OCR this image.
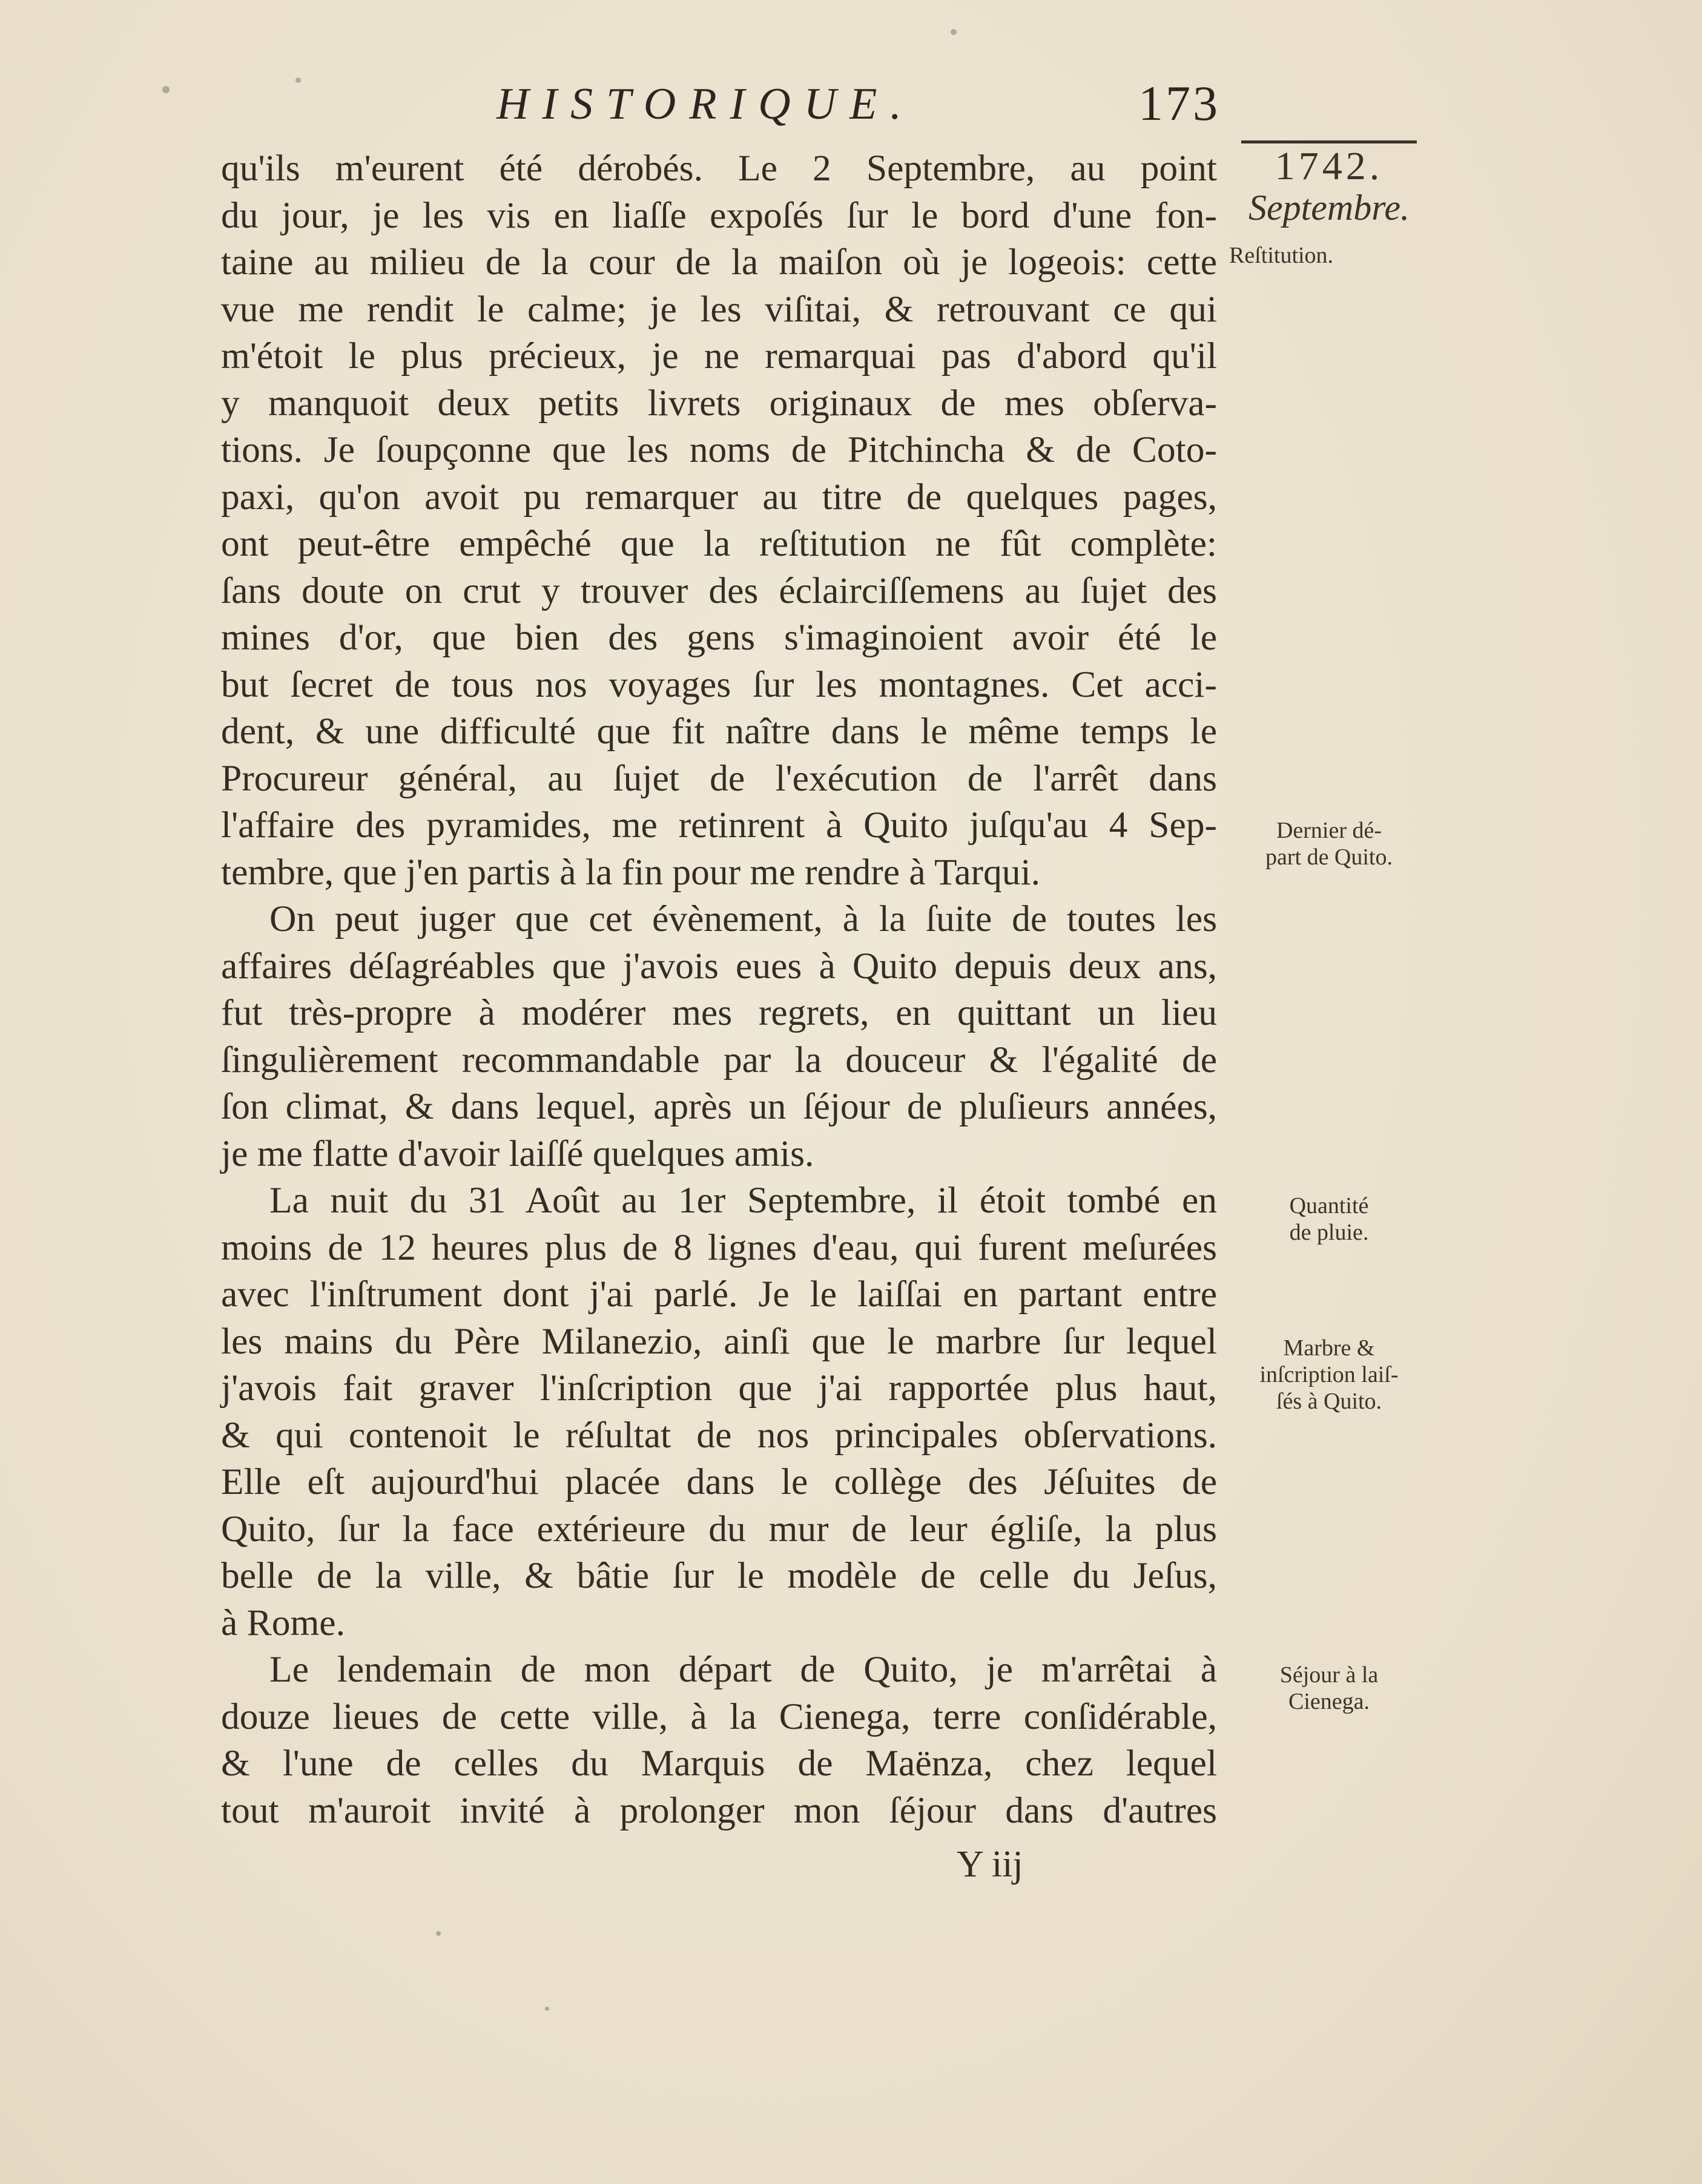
HISTORIQUE.	173
qu'ils m'eurent été dérobés. Le 2 Septembre, au point
du jour, je les vis en liaſſe expoſés ſur le bord d'une fon-
taine au milieu de la cour de la maiſon où je logeois: cette
vue me rendit le calme; je les viſitai, & retrouvant ce qui
m'étoit le plus précieux, je ne remarquai pas d'abord qu'il
y manquoit deux petits livrets originaux de mes obſerva-
tions. Je ſoupçonne que les noms de Pitchincha & de Coto-
paxi, qu'on avoit pu remarquer au titre de quelques pages,
ont peut-être empêché que la reſtitution ne fût complète:
ſans doute on crut y trouver des éclairciſſemens au ſujet des
mines d'or, que bien des gens s'imaginoient avoir été le
but ſecret de tous nos voyages ſur les montagnes. Cet acci-
dent, & une difficulté que fit naître dans le même temps le
Procureur général, au ſujet de l'exécution de l'arrêt dans
l'affaire des pyramides, me retinrent à Quito juſqu'au 4 Sep-
tembre, que j'en partis à la fin pour me rendre à Tarqui.
On peut juger que cet évènement, à la ſuite de toutes les
affaires déſagréables que j'avois eues à Quito depuis deux ans,
fut très-propre à modérer mes regrets, en quittant un lieu
ſingulièrement recommandable par la douceur & l'égalité de
ſon climat, & dans lequel, après un ſéjour de pluſieurs années,
je me flatte d'avoir laiſſé quelques amis.
La nuit du 31 Août au 1er Septembre, il étoit tombé en
moins de 12 heures plus de 8 lignes d'eau, qui furent meſurées
avec l'inſtrument dont j'ai parlé. Je le laiſſai en partant entre
les mains du Père Milanezio, ainſi que le marbre ſur lequel
j'avois fait graver l'inſcription que j'ai rapportée plus haut,
& qui contenoit le réſultat de nos principales obſervations.
Elle eſt aujourd'hui placée dans le collège des Jéſuites de
Quito, ſur la face extérieure du mur de leur égliſe, la plus
belle de la ville, & bâtie ſur le modèle de celle du Jeſus,
à Rome.
Le lendemain de mon départ de Quito, je m'arrêtai à
douze lieues de cette ville, à la Cienega, terre conſidérable,
& l'une de celles du Marquis de Maënza, chez lequel
tout m'auroit invité à prolonger mon ſéjour dans d'autres
1742.
Septembre.
Reſtitution.
Dernier dé-
part de Quito.
Quantité
de pluie.
Marbre &
inſcription laiſ-
ſés à Quito.
Séjour à la
Cienega.
Y iij
